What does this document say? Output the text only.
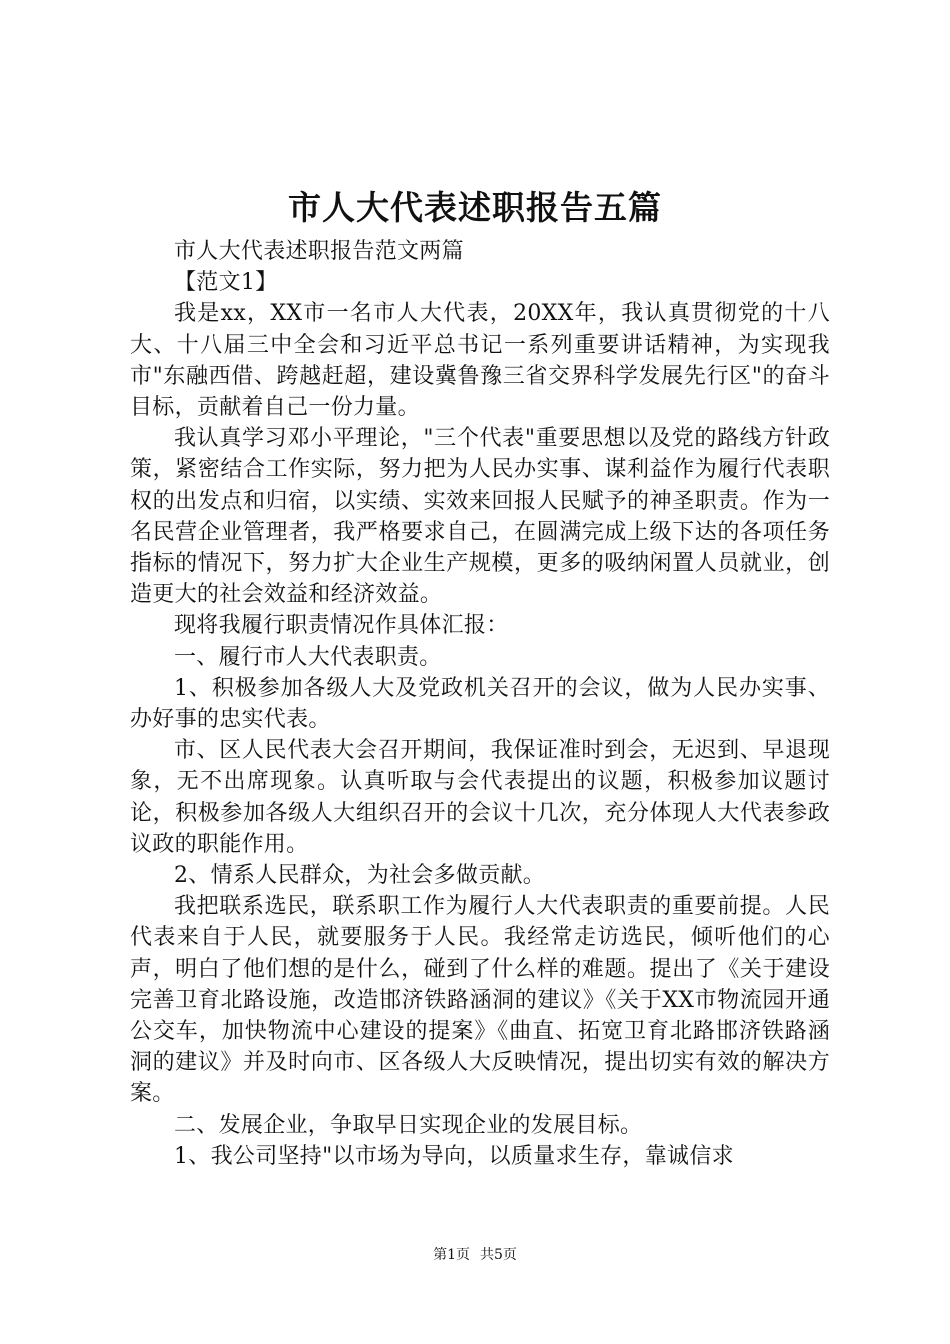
市人大代表述职报告五篇

市人大代表述职报告范文两篇

【范文1】

我是xx，XX市一名市人大代表，20XX年，我认真贯彻党的十八大、十八届三中全会和习近平总书记一系列重要讲话精神，为实现我市"东融西借、跨越赶超，建设冀鲁豫三省交界科学发展先行区"的奋斗目标，贡献着自己一份力量。

我认真学习邓小平理论，"三个代表"重要思想以及党的路线方针政策，紧密结合工作实际，努力把为人民办实事、谋利益作为履行代表职权的出发点和归宿，以实绩、实效来回报人民赋予的神圣职责。作为一名民营企业管理者，我严格要求自己，在圆满完成上级下达的各项任务指标的情况下，努力扩大企业生产规模，更多的吸纳闲置人员就业，创造更大的社会效益和经济效益。

现将我履行职责情况作具体汇报：

一、履行市人大代表职责。

1、积极参加各级人大及党政机关召开的会议，做为人民办实事、办好事的忠实代表。

市、区人民代表大会召开期间，我保证准时到会，无迟到、早退现象，无不出席现象。认真听取与会代表提出的议题，积极参加议题讨论，积极参加各级人大组织召开的会议十几次，充分体现人大代表参政议政的职能作用。

2、情系人民群众，为社会多做贡献。

我把联系选民，联系职工作为履行人大代表职责的重要前提。人民代表来自于人民，就要服务于人民。我经常走访选民，倾听他们的心声，明白了他们想的是什么，碰到了什么样的难题。提出了《关于建设完善卫育北路设施，改造邯济铁路涵洞的建议》《关于XX市物流园开通公交车，加快物流中心建设的提案》《曲直、拓宽卫育北路邯济铁路涵洞的建议》并及时向市、区各级人大反映情况，提出切实有效的解决方案。

二、发展企业，争取早日实现企业的发展目标。

1、我公司坚持"以市场为导向，以质量求生存，靠诚信求

第1页 共5页
